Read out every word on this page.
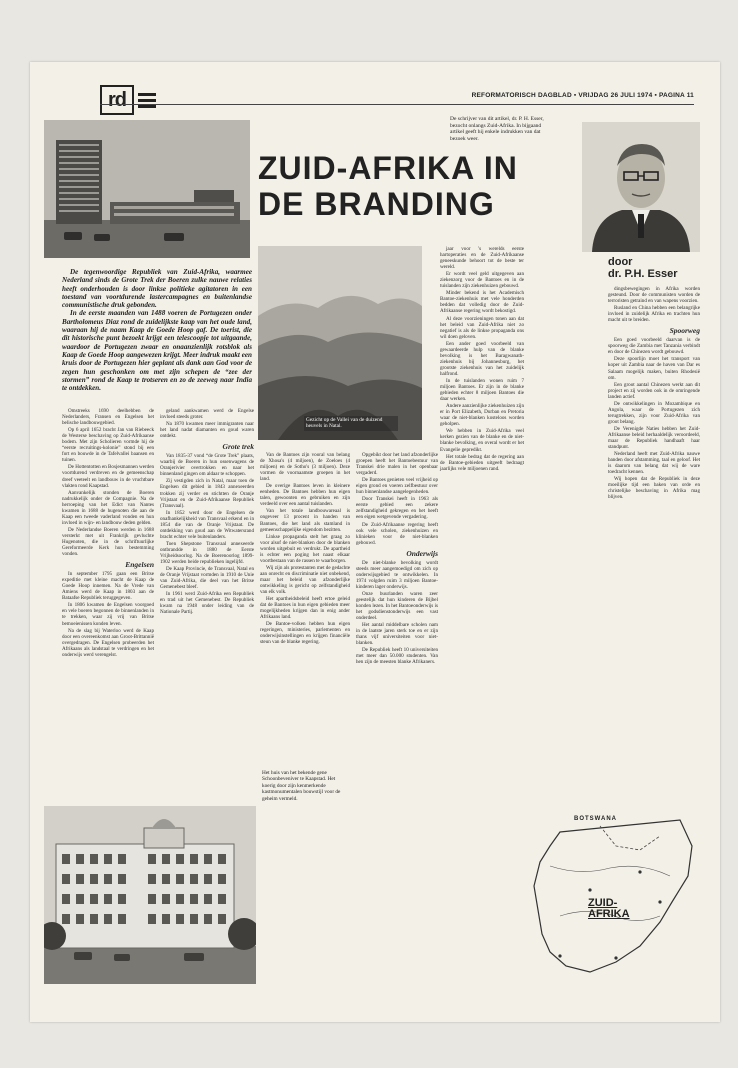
rd	REFORMATORISCH DAGBLAD ▪ VRIJDAG 26 JULI 1974 ▪ PAGINA 11
De schrijver van dit artikel, dr. P. H. Esser, bezocht onlangs Zuid-Afrika. In bijgaand artikel geeft hij enkele indrukken van dat bezoek weer.
ZUID-AFRIKA IN
DE BRANDING
door
dr. P.H. Esser

De tegenwoordige Republiek van Zuid-Afrika, waarmee Nederland sinds de Grote Trek der Boeren zulke nauwe relaties heeft onderhouden is door linkse politieke agitatoren in een toestand van voortdurende lastercampagnes en buitenlandse communistische druk gebonden.

In de eerste maanden van 1488 voeren de Portugezen onder Bartholomeus Diaz rond de zuidelijkste kaap van het oude land, waaraan hij de naam Kaap de Goede Hoop gaf. De toerist, die dit historische punt bezoekt krijgt een telescoopje tot uitgaande, waardoor de Portugezen zwaar en onaanzienlijk rotsblok als Kaap de Goede Hoop aangewezen krijgt. Meer indruk maakt een kruis door de Portugezen hier geplant als dank aan God voor de zegen hun geschonken om met zijn schepen de “zee der stormen” rond de Kaap te trotseren en zo de zeeweg naar India te ontdekken.

Gezicht op de Vallei van de duizend heuvels in Natal.

Omstreeks 1690 deelhebben de Nederlanders, Fransen en Engelsen het belische landbouwgebied.

Op 6 april 1652 bracht Jan van Riebeeck de Westerse beschaving op Zuid-Afrikaanse bodem. Met zijn Scholieren vormde hij de “eerste recruitings-kolonie” stond bij een fort en bouwde in de Tafelvallei baansen en tuinen.

De Hottentotten en Bosjesmannen werden voortdurend verdreven en de gemeenschap dreef veeteelt en landbouw in de vruchtbare vlakten rond Kaapstad.

Aanvankelijk stonden de Boeren nadrukkelijk onder de Compagnie. Na de herroeping van het Edict van Nantes kwamen in 1688 de hugenoten die aan de Kaap een tweede vaderland vonden en hun invloed in wijn- en landbouw deden gelden.

De Nederlandse Boeren werden in 1688 versterkt met uit Frankrijk gevluchte Hugenoten, die in de schriftuurlijke Gereformeerde Kerk hun bestemming vonden.

Engelsen

In september 1795 gaan een Britse expeditie met kleine macht de Kaap de Goede Hoop innemen. Na de Vrede van Amiens werd de Kaap in 1803 aan de Bataafse Republiek teruggegeven.

In 1806 kwamen de Engelsen voorgoed en vele boeren begonnen de binnenlanden in te trekken, waar zij vrij van Britse bemoeienissen konden leven.

Na de slag bij Waterloo werd de Kaap door een overeenkomst aan Groot-Brittannië overgedragen. De Engelsen probeerden het Afrikaans als landstaal te verdringen en het onderwijs werd verengelst.

geland aankwamen werd de Engelse invloed steeds groter.

Na 1870 kwamen meer immigranten naar het land nadat diamanten en goud waren ontdekt.

Grote trek

Van 1835-37 vond “de Grote Trek” plaats, waarbij de Boeren in hun ossenwagens de Oranjerivier overtrokken en naar het binnenland gingen om aldaar te schoppen.

Zij vestigden zich in Natal, maar toen de Engelsen dit gebied in 1843 annexeerden trokken zij verder en stichtten de Oranje Vrijstaat en de Zuid-Afrikaanse Republiek (Transvaal).

In 1852 werd door de Engelsen de onafhankelijkheid van Transvaal erkend en in 1854 die van de Oranje Vrijstaat. De ontdekking van goud aan de Witwatersrand bracht echter vele buitenlanders.

Toen Shepstone Transvaal annexeerde ontbrandde in 1880 de Eerste Vrijheidsoorlog. Na de Boerenoorlog 1899-1902 werden beide republieken ingelijfd.

De Kaap Provincie, de Transvaal, Natal en de Oranje Vrijstaat vormden in 1910 de Unie van Zuid-Afrika, die deel van het Britse Gemenebest bleef.

In 1961 werd Zuid-Afrika een Republiek en trad uit het Gemenebest. De Republiek kwam na 1948 onder leiding van de Nationale Partij.

Van de Bantoes zijn vooral van belang de Xhosa's (4 miljoen), de Zoeloes (4 miljoen) en de Sotho's (3 miljoen). Deze vormen de voornaamste groepen in het land.

De overige Bantoes leven in kleinere eenheden. De Bantoes hebben hun eigen talen, gewoonten en gebruiken en zijn verdeeld over een aantal tuislanden.

Van het totale landbouwareaal is ongeveer 13 procent in handen van Bantoes, die het land als stamland in gemeenschappelijke eigendom bezitten.

Linkse propaganda stelt het graag zo voor alsof de niet-blanken door de blanken worden uitgebuit en verdrukt. De apartheid is echter een poging het naast elkaar voortbestaan van de rassen te waarborgen.

Wij zijn als protestanten met de gedachte aan onrecht en discriminatie niet onbekend, maar het beleid van afzonderlijke ontwikkeling is gericht op zelfstandigheid van elk volk.

Het apartheidsbeleid heeft ertoe geleid dat de Bantoes in hun eigen gebieden meer mogelijkheden krijgen dan in enig ander Afrikaans land.

De Bantoe-volken hebben hun eigen regeringen, ministeries, parlementen en onderwijsinstellingen en krijgen financiële steun van de blanke regering.

Het huis van het bekende gene Schoonbeveniver te Kaapstad. Het koerig door zijn kenmerkende kastmonumentalen bouwstijl voor de geheim vermeld.

Opgebikt door het land afzonderlijke groepen heeft het Bantoebestuur van Transkei drie malen in het openbaar vergaderd.

De Bantoes genieten veel vrijheid op eigen grond en voeren zelfbestuur over hun binnenlandse aangelegenheden.

Door Transkei heeft in 1963 als eerste gebied een zekere zelfstandigheid gekregen en het heeft een eigen wetgevende vergadering.

De Zuid-Afrikaanse regering heeft ook vele scholen, ziekenhuizen en klinieken voor de niet-blanken gebouwd.

Onderwijs

De niet-blanke bevolking wordt steeds meer aangemoedigd om zich op onderwijsgebied te ontwikkelen. In 1974 volgden ruim 3 miljoen Bantoe-kinderen lager onderwijs.

Onze buurlanden waren zeer geestelijk dat hun kinderen de Bijbel konden lezen. In het Bantoeonderwijs is het godsdienstonderwijs een vast onderdeel.

Het aantal middelbare scholen nam in de laatste jaren sterk toe en er zijn thans vijf universiteiten voor niet-blanken.

De Republiek heeft 10 universiteiten met meer dan 50.000 studenten. Van hen zijn de meesten blanke Afrikaners.

jaar voor 's werelds eerste hartoperaties en de Zuid-Afrikaanse geneeskunde behoort tot de beste ter wereld.

Er wordt veel geld uitgegeven aan ziekenzorg voor de Bantoes en in de tuislanden zijn ziekenhuizen gebouwd.

Minder bekend is het Academisch Bantoe-ziekenhuis met vele honderden bedden dat volledig door de Zuid-Afrikaanse regering wordt bekostigd.

Al deze voorzieningen tonen aan dat het beleid van Zuid-Afrika niet zo negatief is als de linkse propaganda ons wil doen geloven.

Een ander goed voorbeeld van gewaardeerde hulp van de blanke bevolking is het Baragwanath-ziekenhuis bij Johannesburg, het grootste ziekenhuis van het zuidelijk halfrond.

In de tuislanden wonen ruim 7 miljoen Bantoes. Er zijn in de blanke gebieden echter 8 miljoen Bantoes die daar werken.

Andere aanzienlijke ziekenhuizen zijn er in Port Elizabeth, Durban en Pretoria waar de niet-blanken kosteloos worden geholpen.

We hebben in Zuid-Afrika veel kerken gezien van de blanke en de niet-blanke bevolking, en overal wordt er het Evangelie gepredikt.

Het totale bedrag dat de regering aan de Bantoe-gebieden uitgeeft bedraagt jaarlijks vele miljoenen rand.

dingsbewegingen in Afrika worden gesteund. Door de communisten worden de terroristen getraind en van wapens voorzien.

Rusland en China hebben een belangrijke invloed in zuidelijk Afrika en trachten hun macht uit te breiden.

Spoorweg

Een goed voorbeeld daarvan is de spoorweg die Zambia met Tanzania verbindt en door de Chinezen wordt gebouwd.

Deze spoorlijn moet het transport van koper uit Zambia naar de haven van Dar es Salaam mogelijk maken, buiten Rhodesië om.

Een groot aantal Chinezen werkt aan dit project en zij worden ook in de omringende landen actief.

De ontwikkelingen in Mozambique en Angola, waar de Portugezen zich terugtrekken, zijn voor Zuid-Afrika van groot belang.

De Verenigde Naties hebben het Zuid-Afrikaanse beleid herhaaldelijk veroordeeld, maar de Republiek handhaaft haar standpunt.

Nederland heeft met Zuid-Afrika nauwe banden door afstamming, taal en geloof. Het is daarom van belang dat wij de ware toedracht kennen.

Wij hopen dat de Republiek in deze moeilijke tijd een baken van orde en christelijke beschaving in Afrika mag blijven.

BOTSWANA
ZUID-
AFRIKA
